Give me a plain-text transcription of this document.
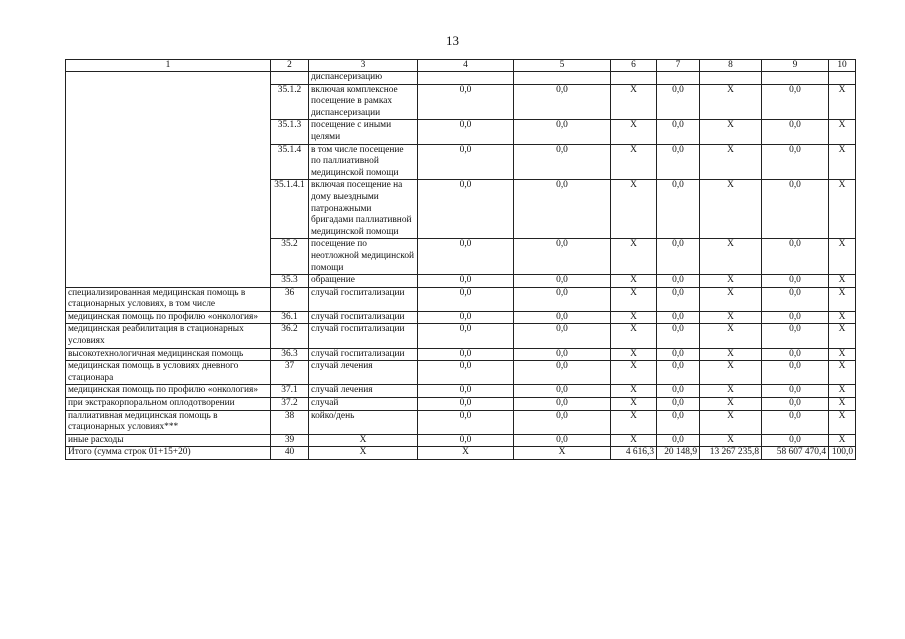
13
1	2	3	4	5	6	7	8	9	10
		диспансеризацию							
	35.1.2	включая комплексное посещение в рамках диспансеризации	0,0	0,0	X	0,0	X	0,0	X
	35.1.3	посещение с иными целями	0,0	0,0	X	0,0	X	0,0	X
	35.1.4	в том числе посещение по паллиативной медицинской помощи	0,0	0,0	X	0,0	X	0,0	X
	35.1.4.1	включая посещение на дому выездными патронажными бригадами паллиативной медицинской помощи	0,0	0,0	X	0,0	X	0,0	X
	35.2	посещение по неотложной медицинской помощи	0,0	0,0	X	0,0	X	0,0	X
	35.3	обращение	0,0	0,0	X	0,0	X	0,0	X
специализированная медицинская помощь в стационарных условиях, в том числе	36	случай госпитализации	0,0	0,0	X	0,0	X	0,0	X
медицинская помощь по профилю «онкология»	36.1	случай госпитализации	0,0	0,0	X	0,0	X	0,0	X
медицинская реабилитация в стационарных условиях	36.2	случай госпитализации	0,0	0,0	X	0,0	X	0,0	X
высокотехнологичная медицинская помощь	36.3	случай госпитализации	0,0	0,0	X	0,0	X	0,0	X
медицинская помощь в условиях дневного стационара	37	случай лечения	0,0	0,0	X	0,0	X	0,0	X
медицинская помощь по профилю «онкология»	37.1	случай лечения	0,0	0,0	X	0,0	X	0,0	X
при экстракорпоральном оплодотворении	37.2	случай	0,0	0,0	X	0,0	X	0,0	X
паллиативная медицинская помощь в стационарных условиях***	38	койко/день	0,0	0,0	X	0,0	X	0,0	X
иные расходы	39	X	0,0	0,0	X	0,0	X	0,0	X
Итого (сумма строк 01+15+20)	40	X	X	X	4 616,3	20 148,9	13 267 235,8	58 607 470,4	100,0
